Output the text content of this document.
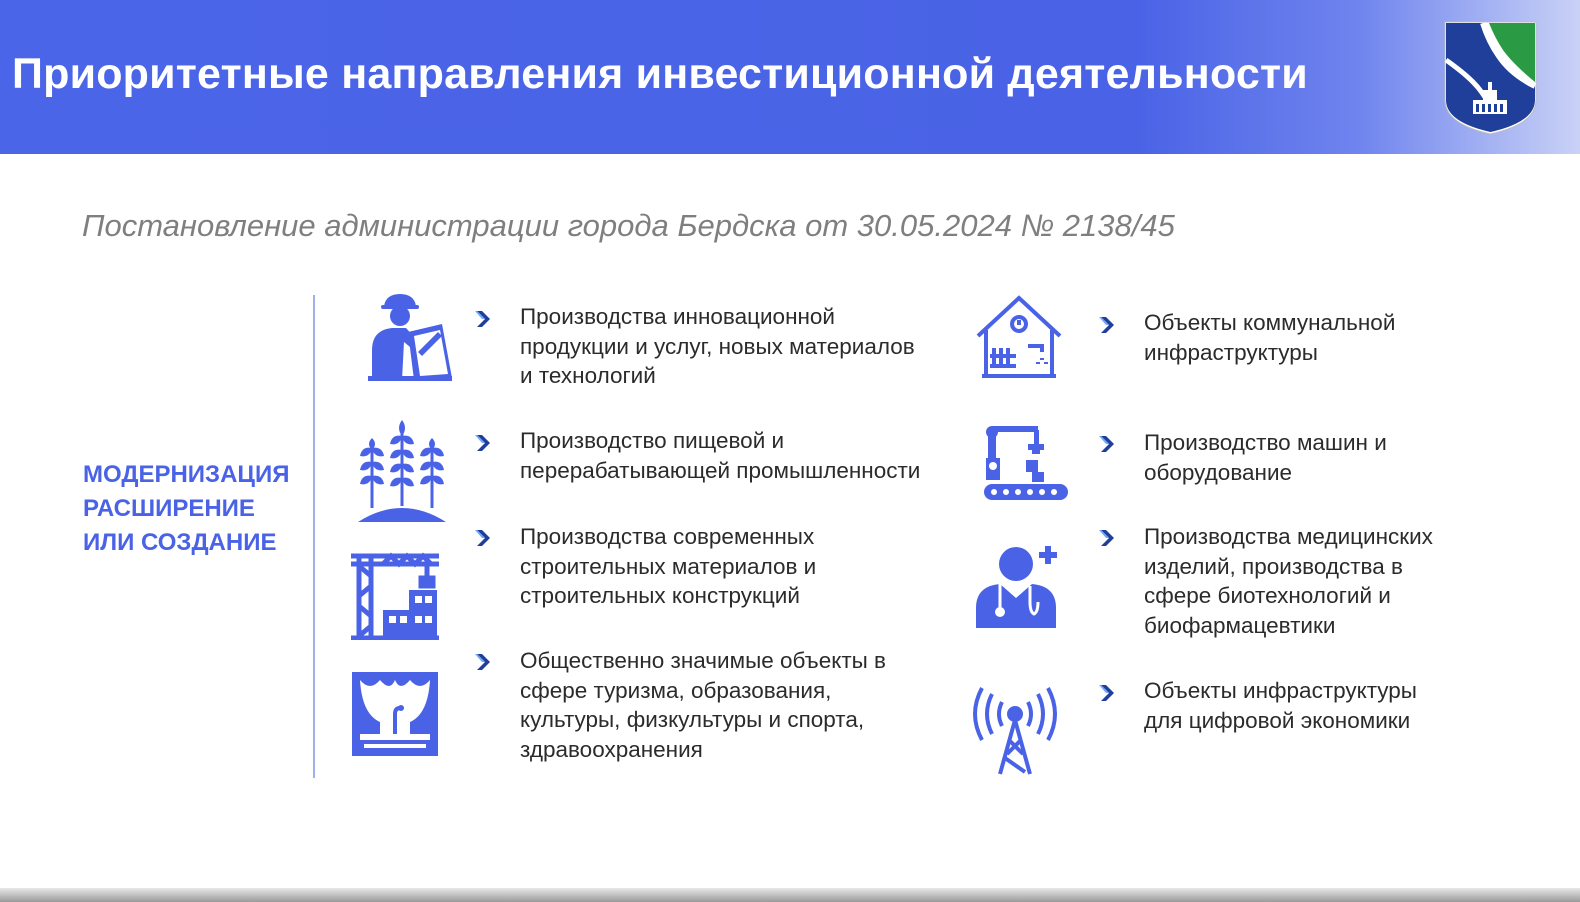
Приоритетные направления инвестиционной деятельности

Постановление администрации города Бердска от 30.05.2024 № 2138/45

МОДЕРНИЗАЦИЯ
РАСШИРЕНИЕ
ИЛИ СОЗДАНИЕ
Производства инновационной
продукции и услуг, новых материалов
и технологий
Производство пищевой и
перерабатывающей промышленности
Производства современных
строительных материалов и
строительных конструкций
Общественно значимые объекты в
сфере туризма, образования,
культуры, физкультуры и спорта,
здравоохранения
Объекты коммунальной
инфраструктуры
Производство машин и
оборудование
Производства медицинских
изделий, производства в
сфере биотехнологий и
биофармацевтики
Объекты инфраструктуры
для цифровой экономики
